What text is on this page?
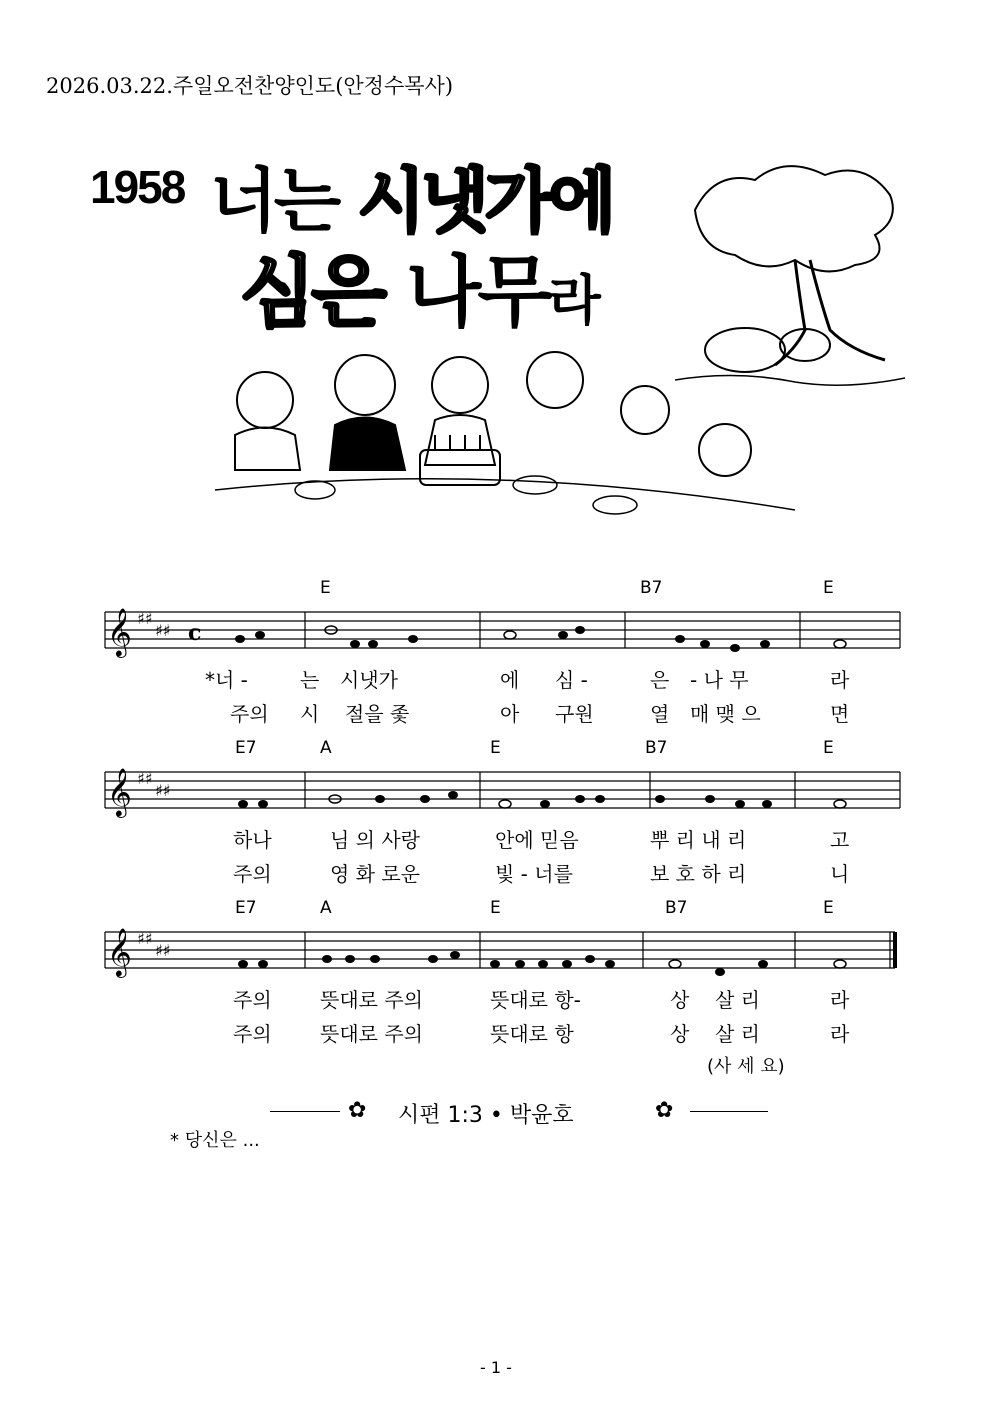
2026.03.22.주일오전찬양인도(안정수목사)
1958 너는 시냇가에
심은 나무라
E	B7	E
𝄞 ♯♯
♯♯ c
*너 -	는 시냇가	에 심 -	은 - 나 무	라
주의 시 절을 좇	아 구원	열 매 맺 으	면
E7	A	E	B7	E
𝄞 ♯♯
♯♯
하나	님 의 사랑	안에 믿음	뿌 리 내 리	고
주의	영 화 로운	빛 - 너를	보 호 하 리	니
E7	A	E	B7	E
𝄞 ♯♯
♯♯
주의 뜻대로 주의	뜻대로 항-	상 살 리	라
주의 뜻대로 주의	뜻대로 항	상 살 리	라
(사 세 요)
✿ 시편 1:3 • 박윤호	✿
* 당신은 ...
- 1 -
